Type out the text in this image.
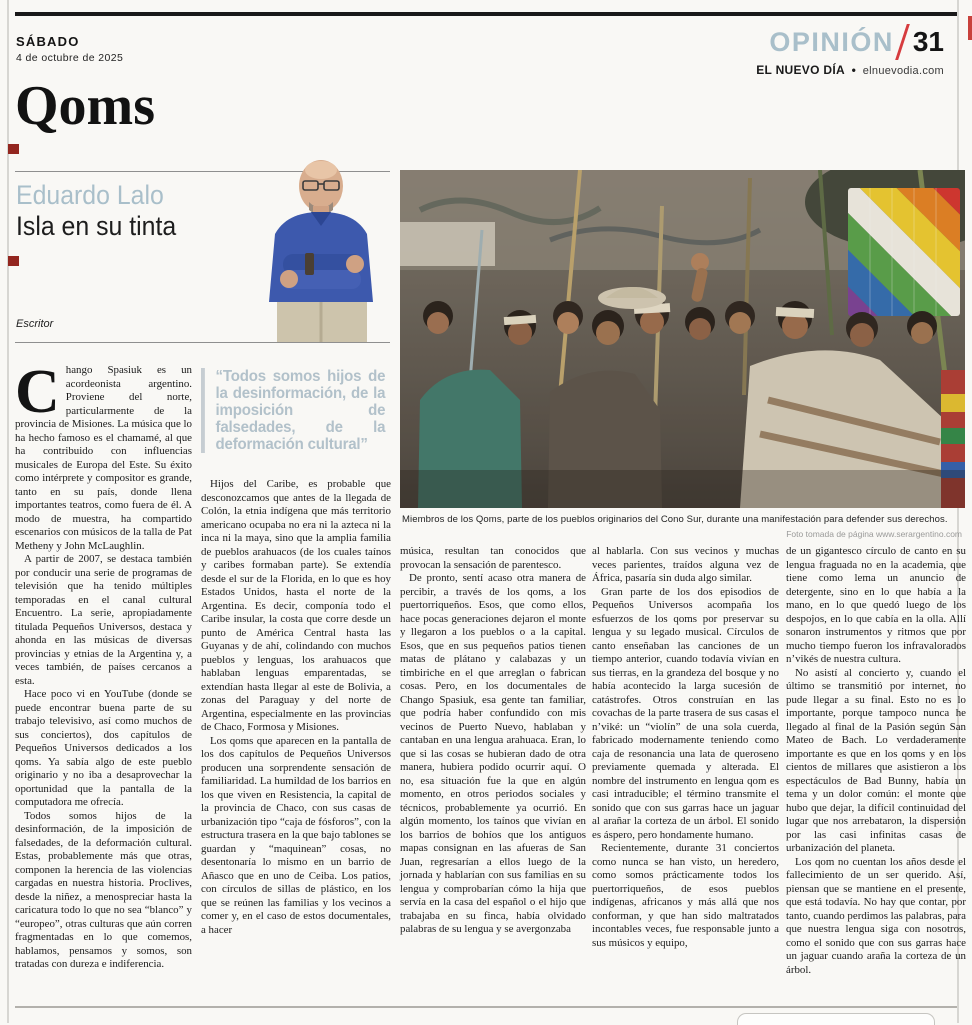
SÁBADO
4 de octubre de 2025
OPINIÓN 31
EL NUEVO DÍA • elnuevodia.com
Qoms
Eduardo Lalo
Isla en su tinta
Escritor
Miembros de los Qoms, parte de los pueblos originarios del Cono Sur, durante una manifestación para defender sus derechos.
Foto tomada de página www.serargentino.com

Chango Spasiuk es un acordeonista argentino. Proviene del norte, particularmente de la provincia de Misiones. La música que lo ha hecho famoso es el chamamé, al que ha contribuido con influencias musicales de Europa del Este. Su éxito como intérprete y compositor es grande, tanto en su país, donde llena importantes teatros, como fuera de él. A modo de muestra, ha compartido escenarios con músicos de la talla de Pat Metheny y John McLaughlin.

A partir de 2007, se destaca también por conducir una serie de programas de televisión que ha tenido múltiples temporadas en el canal cultural Encuentro. La serie, apropiadamente titulada Pequeños Universos, destaca y ahonda en las músicas de diversas provincias y etnias de la Argentina y, a veces también, de países cercanos a esta.

Hace poco vi en YouTube (donde se puede encontrar buena parte de su trabajo televisivo, así como muchos de sus conciertos), dos capítulos de Pequeños Universos dedicados a los qoms. Ya sabía algo de este pueblo originario y no iba a desaprovechar la oportunidad que la pantalla de la computadora me ofrecía.

Todos somos hijos de la desinformación, de la imposición de falsedades, de la deformación cultural. Estas, probablemente más que otras, componen la herencia de las violencias cargadas en nuestra historia. Proclives, desde la niñez, a menospreciar hasta la caricatura todo lo que no sea “blanco” y “europeo”, otras culturas que aún corren fragmentadas en lo que comemos, hablamos, pensamos y somos, son tratadas con dureza e indiferencia.

“Todos somos hijos de la desinformación, de la imposición de falsedades, de la deformación cultural”

Hijos del Caribe, es probable que desconozcamos que antes de la llegada de Colón, la etnia indígena que más territorio americano ocupaba no era ni la azteca ni la inca ni la maya, sino que la amplia familia de pueblos arahuacos (de los cuales taínos y caribes formaban parte). Se extendía desde el sur de la Florida, en lo que es hoy Estados Unidos, hasta el norte de la Argentina. Es decir, componía todo el Caribe insular, la costa que corre desde un punto de América Central hasta las Guyanas y de ahí, colindando con muchos pueblos y lenguas, los arahuacos que hablaban lenguas emparentadas, se extendían hasta llegar al este de Bolivia, a zonas del Paraguay y del norte de Argentina, especialmente en las provincias de Chaco, Formosa y Misiones.

Los qoms que aparecen en la pantalla de los dos capítulos de Pequeños Universos producen una sorprendente sensación de familiaridad. La humildad de los barrios en los que viven en Resistencia, la capital de la provincia de Chaco, con sus casas de urbanización tipo “caja de fósforos”, con la estructura trasera en la que bajo tablones se guardan y “maquinean” cosas, no desentonaría lo mismo en un barrio de Añasco que en uno de Ceiba. Los patios, con círculos de sillas de plástico, en los que se reúnen las familias y los vecinos a comer y, en el caso de estos documentales, a hacer

música, resultan tan conocidos que provocan la sensación de parentesco.

De pronto, sentí acaso otra manera de percibir, a través de los qoms, a los puertorriqueños. Esos, que como ellos, hace pocas generaciones dejaron el monte y llegaron a los pueblos o a la capital. Esos, que en sus pequeños patios tienen matas de plátano y calabazas y un timbiriche en el que arreglan o fabrican cosas. Pero, en los documentales de Chango Spasiuk, esa gente tan familiar, que podría haber confundido con mis vecinos de Puerto Nuevo, hablaban y cantaban en una lengua arahuaca. Eran, lo que si las cosas se hubieran dado de otra manera, hubiera podido ocurrir aquí. O no, esa situación fue la que en algún momento, en otros periodos sociales y técnicos, probablemente ya ocurrió. En algún momento, los taínos que vivían en los barrios de bohíos que los antiguos mapas consignan en las afueras de San Juan, regresarían a ellos luego de la jornada y hablarían con sus familias en su lengua y comprobarían cómo la hija que servía en la casa del español o el hijo que trabajaba en su finca, había olvidado palabras de su lengua y se avergonzaba

al hablarla. Con sus vecinos y muchas veces parientes, traídos alguna vez de África, pasaría sin duda algo similar.

Gran parte de los dos episodios de Pequeños Universos acompaña los esfuerzos de los qoms por preservar su lengua y su legado musical. Círculos de canto enseñaban las canciones de un tiempo anterior, cuando todavía vivían en sus tierras, en la grandeza del bosque y no había acontecido la larga sucesión de catástrofes. Otros construían en las covachas de la parte trasera de sus casas el n’viké: un “violín” de una sola cuerda, fabricado modernamente teniendo como caja de resonancia una lata de queroseno previamente quemada y alterada. El nombre del instrumento en lengua qom es casi intraducible; el término transmite el sonido que con sus garras hace un jaguar al arañar la corteza de un árbol. El sonido es áspero, pero hondamente humano.

Recientemente, durante 31 conciertos como nunca se han visto, un heredero, como somos prácticamente todos los puertorriqueños, de esos pueblos indígenas, africanos y más allá que nos conforman, y que han sido maltratados incontables veces, fue responsable junto a sus músicos y equipo,

de un gigantesco círculo de canto en su lengua fraguada no en la academia, que tiene como lema un anuncio de detergente, sino en lo que había a la mano, en lo que quedó luego de los despojos, en lo que cabía en la olla. Allí sonaron instrumentos y ritmos que por mucho tiempo fueron los infravalorados n’vikés de nuestra cultura.

No asistí al concierto y, cuando el último se transmitió por internet, no pude llegar a su final. Esto no es lo importante, porque tampoco nunca he llegado al final de la Pasión según San Mateo de Bach. Lo verdaderamente importante es que en los qoms y en los cientos de millares que asistieron a los espectáculos de Bad Bunny, había un tema y un dolor común: el monte que hubo que dejar, la difícil continuidad del lugar que nos arrebataron, la dispersión por las casi infinitas casas de urbanización del planeta.

Los qom no cuentan los años desde el fallecimiento de un ser querido. Así, piensan que se mantiene en el presente, que está todavía. No hay que contar, por tanto, cuando perdimos las palabras, para que nuestra lengua siga con nosotros, como el sonido que con sus garras hace un jaguar cuando araña la corteza de un árbol.
